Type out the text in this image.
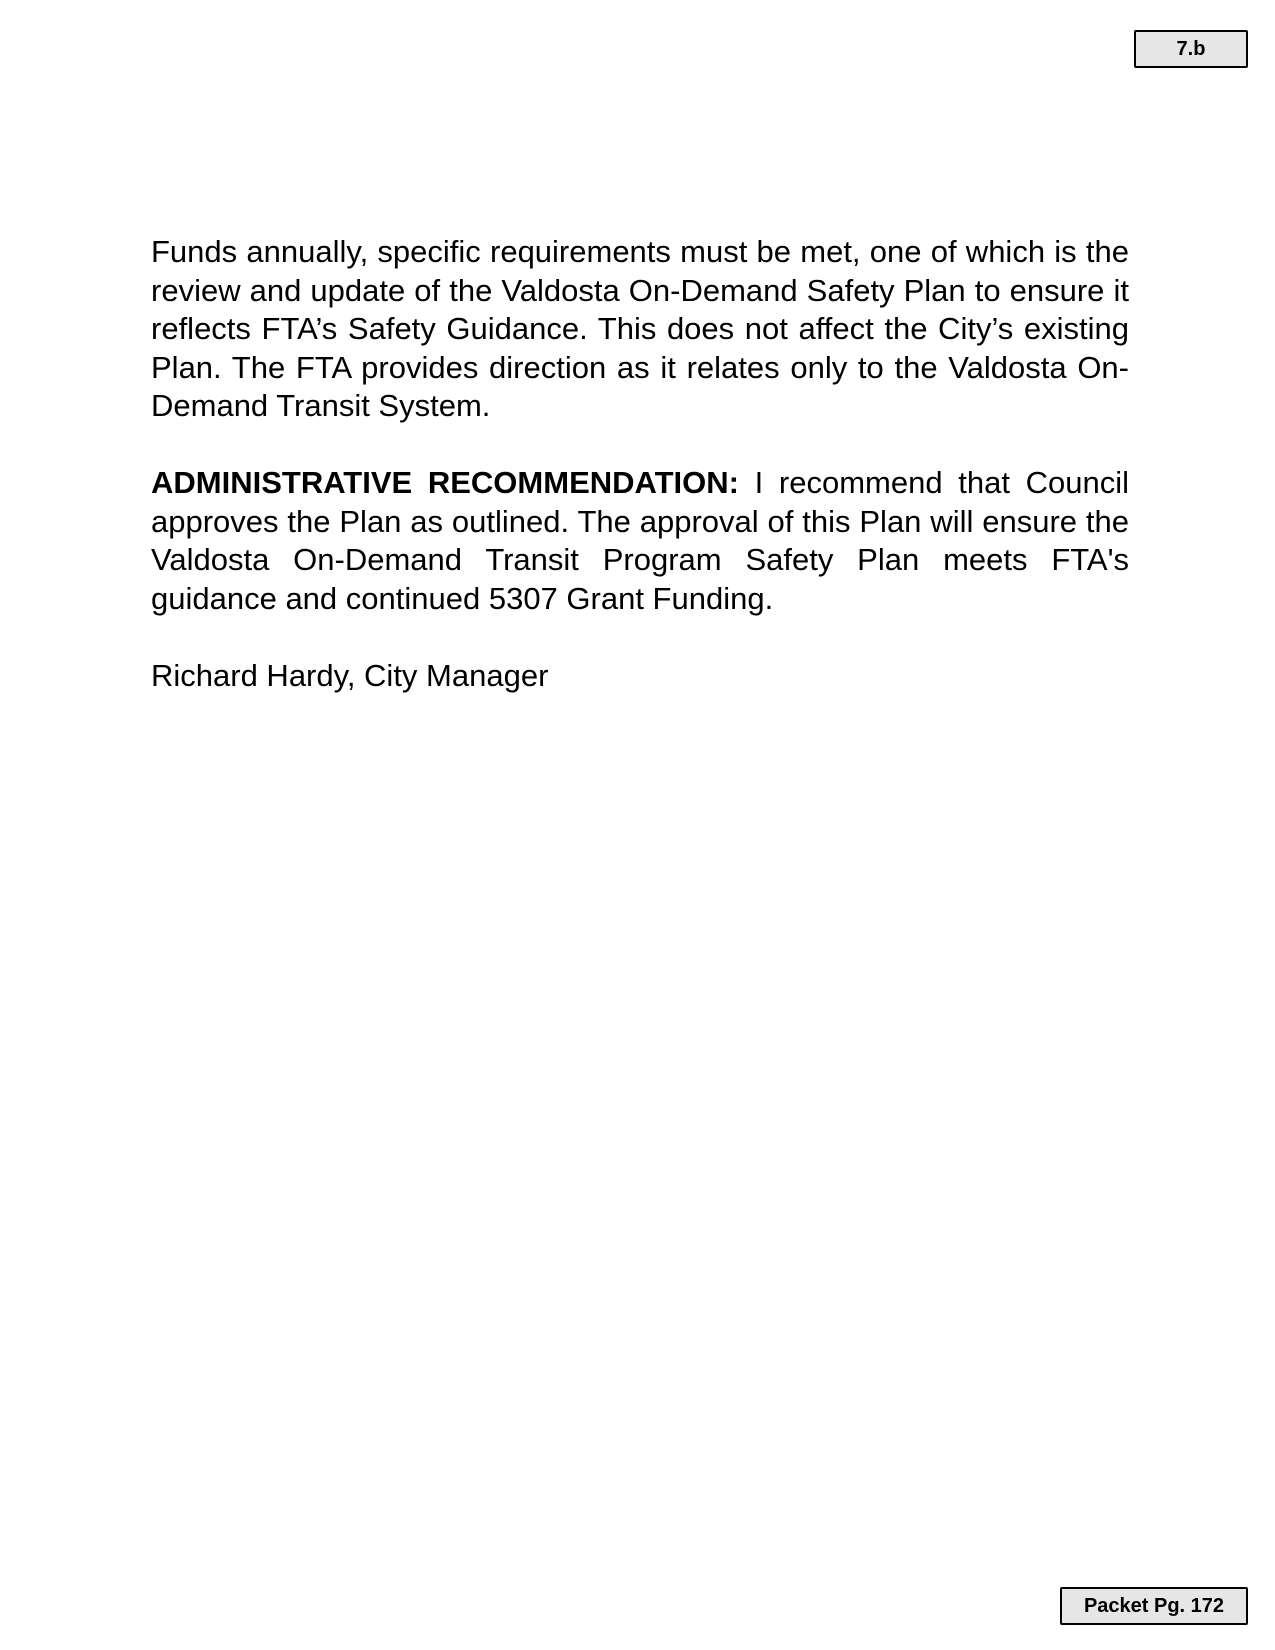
7.b

Funds annually, specific requirements must be met, one of which is the review and update of the Valdosta On-Demand Safety Plan to ensure it reflects FTA’s Safety Guidance. This does not affect the City’s existing Plan. The FTA provides direction as it relates only to the Valdosta On-Demand Transit System.

ADMINISTRATIVE RECOMMENDATION: I recommend that Council approves the Plan as outlined. The approval of this Plan will ensure the Valdosta On-Demand Transit Program Safety Plan meets FTA's guidance and continued 5307 Grant Funding.

Richard Hardy, City Manager

Packet Pg. 172
